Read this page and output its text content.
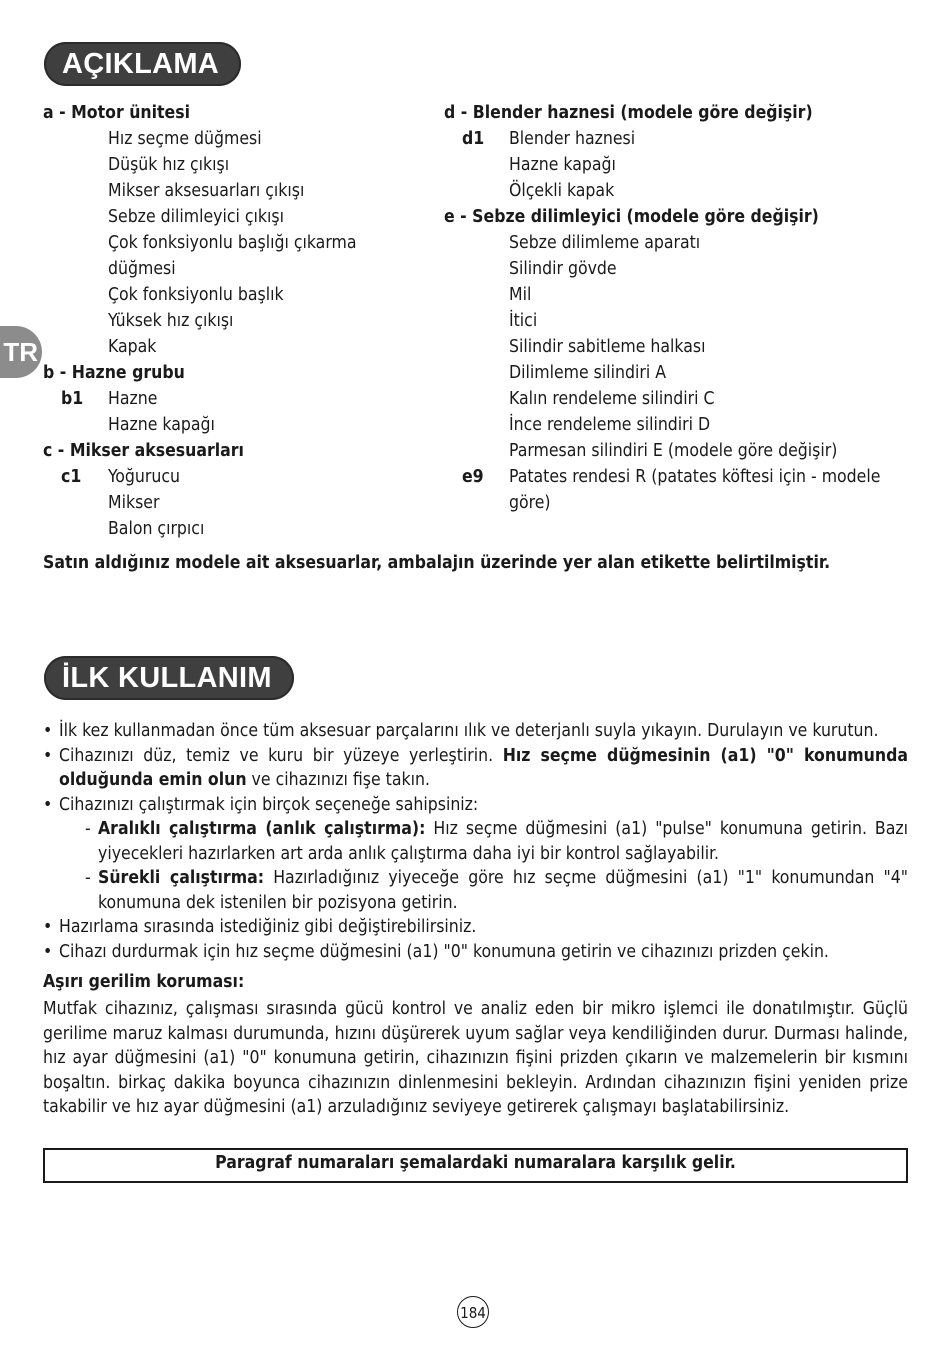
AÇIKLAMA
TR
a - Motor ünitesi
Hız seçme düğmesi
Düşük hız çıkışı
Mikser aksesuarları çıkışı
Sebze dilimleyici çıkışı
Çok fonksiyonlu başlığı çıkarma
düğmesi
Çok fonksiyonlu başlık
Yüksek hız çıkışı
Kapak
b - Hazne grubu
b1 Hazne
Hazne kapağı
c - Mikser aksesuarları
c1 Yoğurucu
Mikser
Balon çırpıcı
d - Blender haznesi (modele göre değişir)
d1 Blender haznesi
Hazne kapağı
Ölçekli kapak
e - Sebze dilimleyici (modele göre değişir)
Sebze dilimleme aparatı
Silindir gövde
Mil
İtici
Silindir sabitleme halkası
Dilimleme silindiri A
Kalın rendeleme silindiri C
İnce rendeleme silindiri D
Parmesan silindiri E (modele göre değişir)
e9 Patates rendesi R (patates köftesi için - modele
göre)
Satın aldığınız modele ait aksesuarlar, ambalajın üzerinde yer alan etikette belirtilmiştir.
İLK KULLANIM
• İlk kez kullanmadan önce tüm aksesuar parçalarını ılık ve deterjanlı suyla yıkayın. Durulayın ve kurutun.
• Cihazınızı düz, temiz ve kuru bir yüzeye yerleştirin. Hız seçme düğmesinin (a1) "0" konumunda olduğunda emin olun ve cihazınızı fişe takın.
• Cihazınızı çalıştırmak için birçok seçeneğe sahipsiniz:
- Aralıklı çalıştırma (anlık çalıştırma): Hız seçme düğmesini (a1) "pulse" konumuna getirin. Bazı yiyecekleri hazırlarken art arda anlık çalıştırma daha iyi bir kontrol sağlayabilir.
- Sürekli çalıştırma: Hazırladığınız yiyeceğe göre hız seçme düğmesini (a1) "1" konumundan "4" konumuna dek istenilen bir pozisyona getirin.
• Hazırlama sırasında istediğiniz gibi değiştirebilirsiniz.
• Cihazı durdurmak için hız seçme düğmesini (a1) "0" konumuna getirin ve cihazınızı prizden çekin.
Aşırı gerilim koruması:
Mutfak cihazınız, çalışması sırasında gücü kontrol ve analiz eden bir mikro işlemci ile donatılmıştır. Güçlü gerilime maruz kalması durumunda, hızını düşürerek uyum sağlar veya kendiliğinden durur. Durması halinde, hız ayar düğmesini (a1) "0" konumuna getirin, cihazınızın fişini prizden çıkarın ve malzemelerin bir kısmını boşaltın. birkaç dakika boyunca cihazınızın dinlenmesini bekleyin. Ardından cihazınızın fişini yeniden prize takabilir ve hız ayar düğmesini (a1) arzuladığınız seviyeye getirerek çalışmayı başlatabilirsiniz.
Paragraf numaraları şemalardaki numaralara karşılık gelir.
184
